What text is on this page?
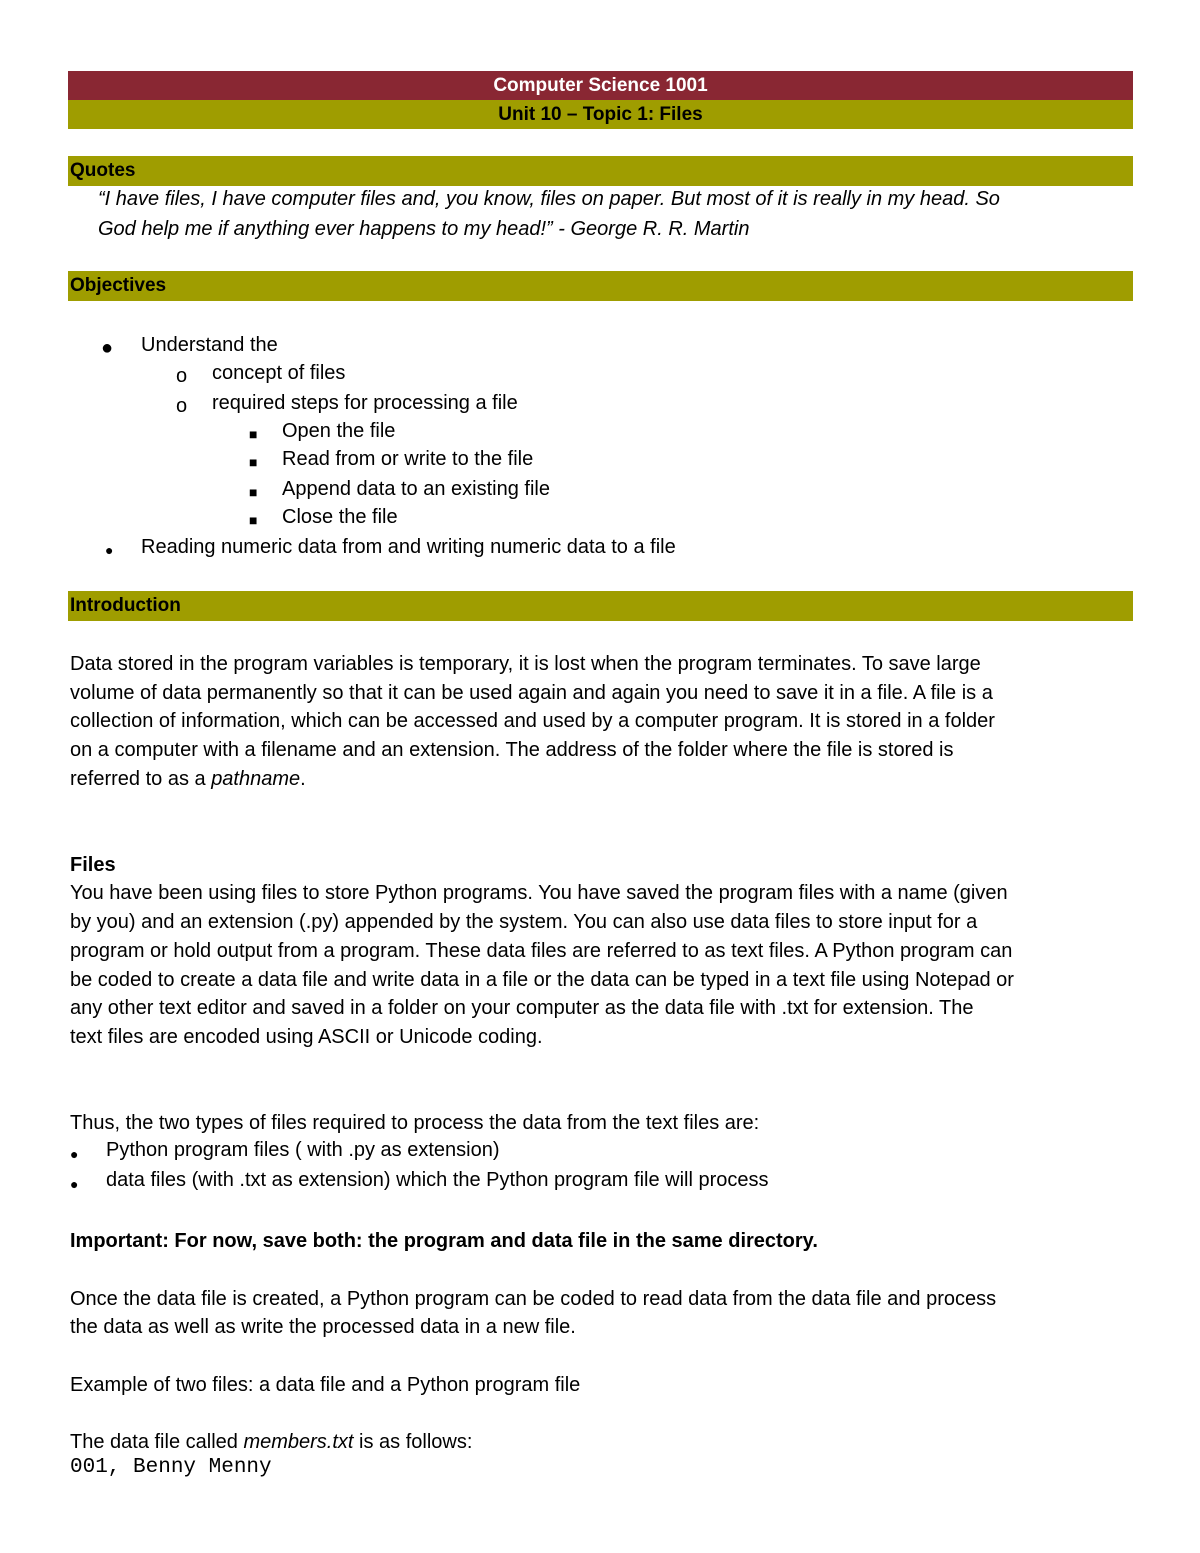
Computer Science 1001
Unit 10 – Topic 1: Files
Quotes
“I have files, I have computer files and, you know, files on paper. But most of it is really in my head. So
God help me if anything ever happens to my head!” - George R. R. Martin
Objectives
● Understand the
o concept of files
o required steps for processing a file
■ Open the file
■ Read from or write to the file
■ Append data to an existing file
■ Close the file
● Reading numeric data from and writing numeric data to a file
Introduction
Data stored in the program variables is temporary, it is lost when the program terminates. To save large
volume of data permanently so that it can be used again and again you need to save it in a file. A file is a
collection of information, which can be accessed and used by a computer program. It is stored in a folder
on a computer with a filename and an extension. The address of the folder where the file is stored is
referred to as a pathname.
Files
You have been using files to store Python programs. You have saved the program files with a name (given
by you) and an extension (.py) appended by the system. You can also use data files to store input for a
program or hold output from a program. These data files are referred to as text files. A Python program can
be coded to create a data file and write data in a file or the data can be typed in a text file using Notepad or
any other text editor and saved in a folder on your computer as the data file with .txt for extension. The
text files are encoded using ASCII or Unicode coding.
Thus, the two types of files required to process the data from the text files are:
● Python program files ( with .py as extension)
● data files (with .txt as extension) which the Python program file will process
Important: For now, save both: the program and data file in the same directory.
Once the data file is created, a Python program can be coded to read data from the data file and process
the data as well as write the processed data in a new file.
Example of two files: a data file and a Python program file
The data file called members.txt is as follows:
001, Benny Menny
